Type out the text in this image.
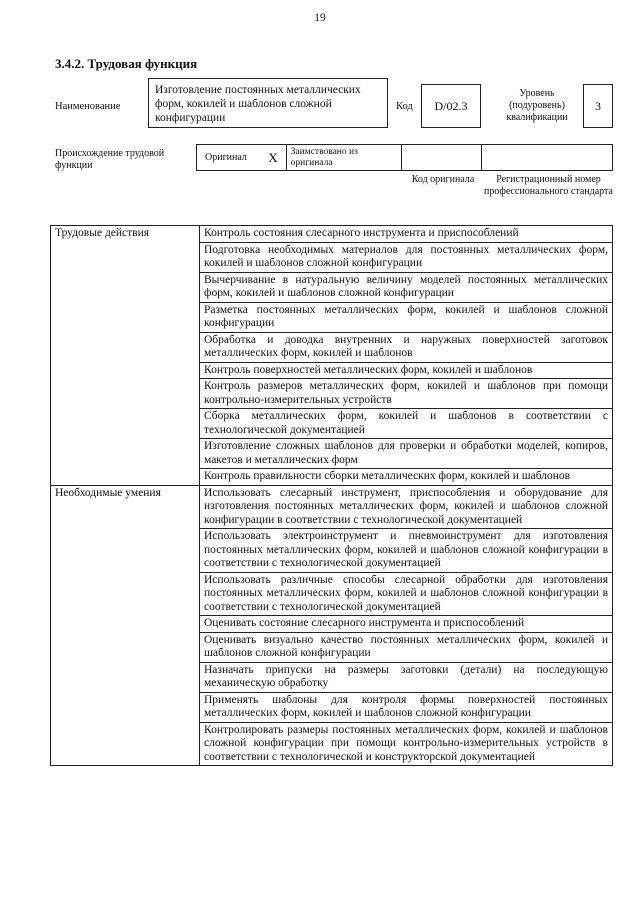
19
3.4.2. Трудовая функция
Наименование
Изготовление постоянных металлических форм, кокилей и шаблонов сложной конфигурации
Код	D/02.3
Уровень (подуровень) квалификации
3
Происхождение трудовой функции
Оригинал X	Заимствовано из оригинала
Код оригинала	Регистрационный номер профессионального стандарта
Трудовые действия	Контроль состояния слесарного инструмента и приспособлений
	Подготовка необходимых материалов для постоянных металлических форм, кокилей и шаблонов сложной конфигурации
	Вычерчивание в натуральную величину моделей постоянных металлических форм, кокилей и шаблонов сложной конфигурации
	Разметка постоянных металлических форм, кокилей и шаблонов сложной конфигурации
	Обработка и доводка внутренних и наружных поверхностей заготовок металлических форм, кокилей и шаблонов
	Контроль поверхностей металлических форм, кокилей и шаблонов
	Контроль размеров металлических форм, кокилей и шаблонов при помощи контрольно-измерительных устройств
	Сборка металлических форм, кокилей и шаблонов в соответствии с технологической документацией
	Изготовление сложных шаблонов для проверки и обработки моделей, копиров, макетов и металлических форм
	Контроль правильности сборки металлических форм, кокилей и шаблонов
Необходимые умения	Использовать слесарный инструмент, приспособления и оборудование для изготовления постоянных металлических форм, кокилей и шаблонов сложной конфигурации в соответствии с технологической документацией
	Использовать электроинструмент и пневмоинструмент для изготовления постоянных металлических форм, кокилей и шаблонов сложной конфигурации в соответствии с технологической документацией
	Использовать различные способы слесарной обработки для изготовления постоянных металлических форм, кокилей и шаблонов сложной конфигурации в соответствии с технологической документацией
	Оценивать состояние слесарного инструмента и приспособлений
	Оценивать визуально качество постоянных металлических форм, кокилей и шаблонов сложной конфигурации
	Назначать припуски на размеры заготовки (детали) на последующую механическую обработку
	Применять шаблоны для контроля формы поверхностей постоянных металлических форм, кокилей и шаблонов сложной конфигурации
	Контролировать размеры постоянных металлических форм, кокилей и шаблонов сложной конфигурации при помощи контрольно-измерительных устройств в соответствии с технологической и конструкторской документацией
